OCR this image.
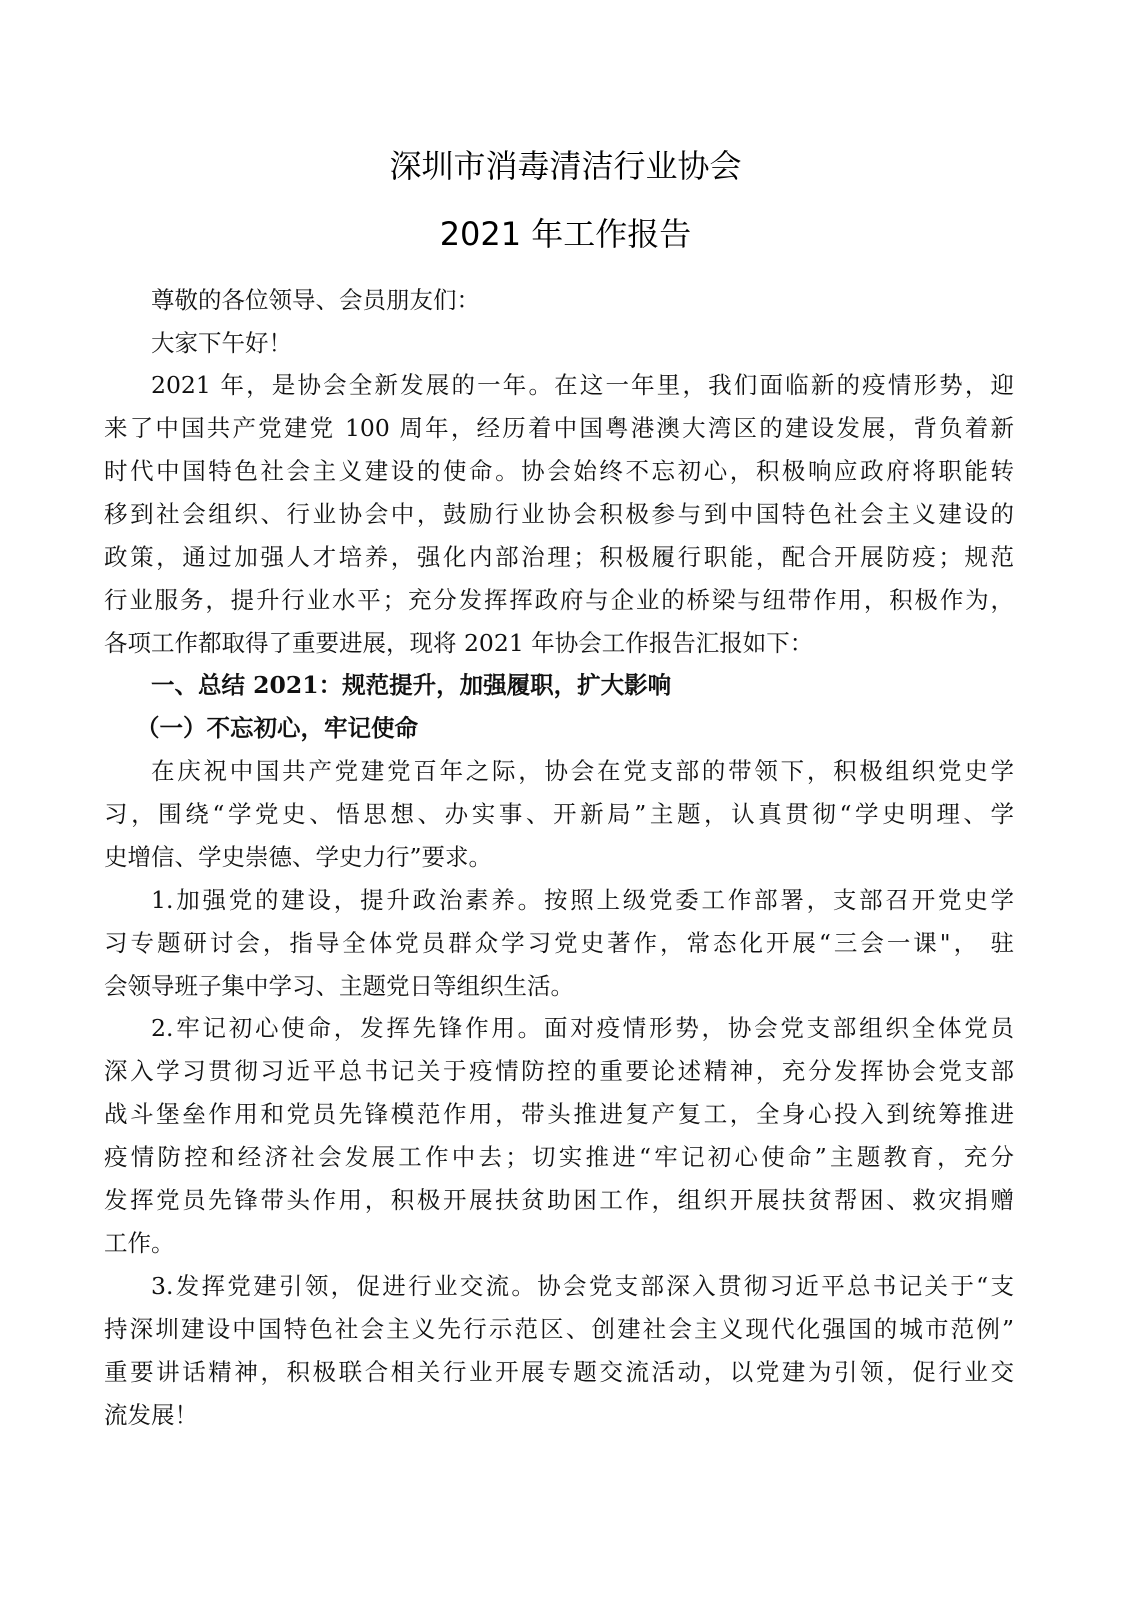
深圳市消毒清洁行业协会
2021 年工作报告
尊敬的各位领导、会员朋友们：
大家下午好！
2021 年，是协会全新发展的一年。在这一年里，我们面临新的疫情形势，迎
来了中国共产党建党 100 周年，经历着中国粤港澳大湾区的建设发展，背负着新
时代中国特色社会主义建设的使命。协会始终不忘初心，积极响应政府将职能转
移到社会组织、行业协会中，鼓励行业协会积极参与到中国特色社会主义建设的
政策，通过加强人才培养，强化内部治理；积极履行职能，配合开展防疫；规范
行业服务，提升行业水平；充分发挥挥政府与企业的桥梁与纽带作用，积极作为，
各项工作都取得了重要进展，现将 2021 年协会工作报告汇报如下：
一、总结 2021：规范提升，加强履职，扩大影响
（一）不忘初心，牢记使命
在庆祝中国共产党建党百年之际，协会在党支部的带领下，积极组织党史学
习，围绕“学党史、悟思想、办实事、开新局”主题，认真贯彻“学史明理、学
史增信、学史崇德、学史力行”要求。
1.加强党的建设，提升政治素养。按照上级党委工作部署，支部召开党史学
习专题研讨会，指导全体党员群众学习党史著作，常态化开展“三会一课"， 驻
会领导班子集中学习、主题党日等组织生活。
2.牢记初心使命，发挥先锋作用。面对疫情形势，协会党支部组织全体党员
深入学习贯彻习近平总书记关于疫情防控的重要论述精神，充分发挥协会党支部
战斗堡垒作用和党员先锋模范作用，带头推进复产复工，全身心投入到统筹推进
疫情防控和经济社会发展工作中去；切实推进“牢记初心使命”主题教育，充分
发挥党员先锋带头作用，积极开展扶贫助困工作，组织开展扶贫帮困、救灾捐赠
工作。
3.发挥党建引领，促进行业交流。协会党支部深入贯彻习近平总书记关于“支
持深圳建设中国特色社会主义先行示范区、创建社会主义现代化强国的城市范例”
重要讲话精神，积极联合相关行业开展专题交流活动，以党建为引领，促行业交
流发展！
